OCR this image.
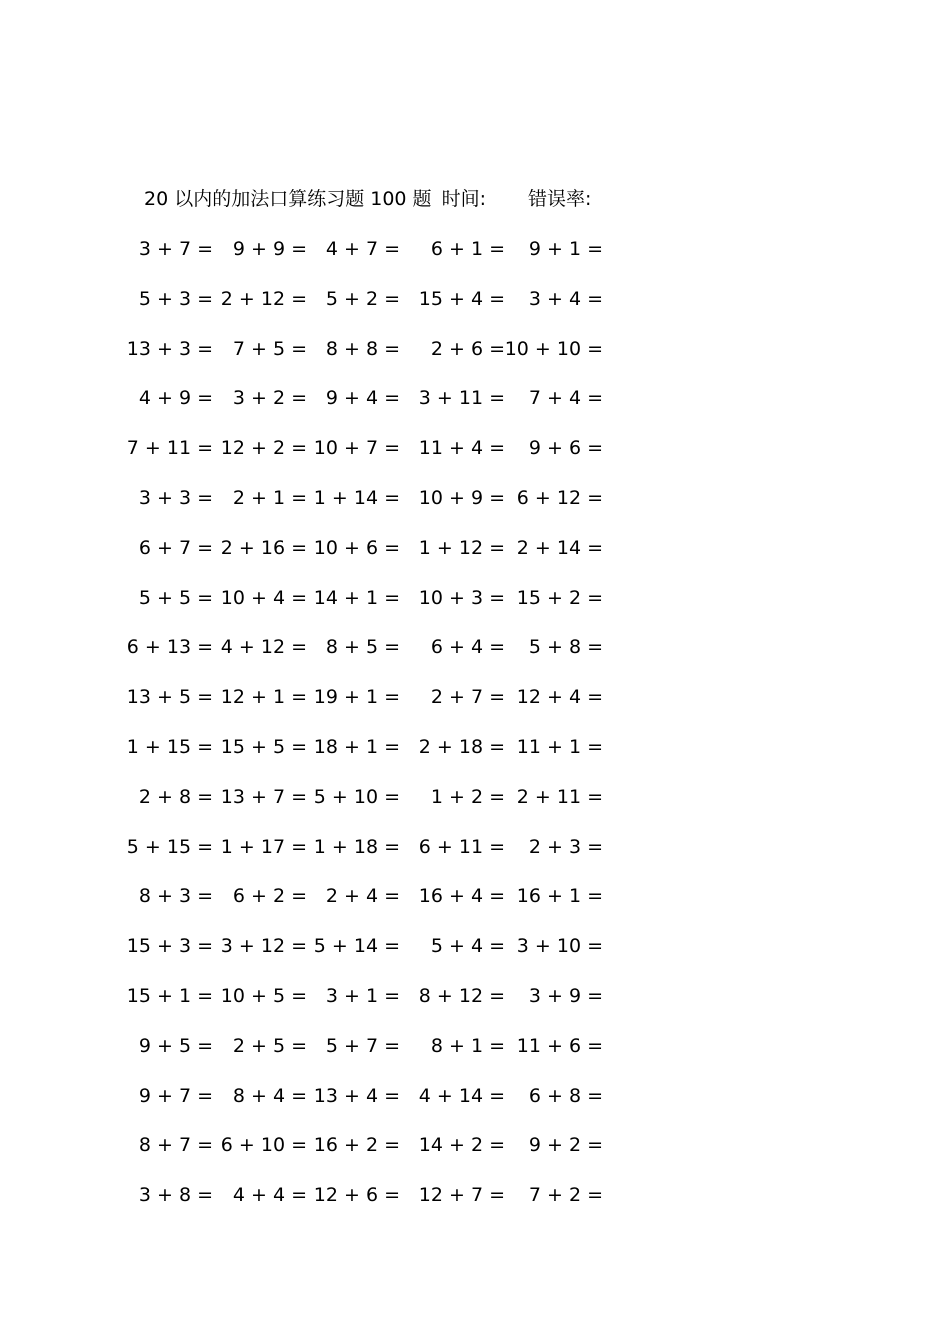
20 以内的加法口算练习题 100 题 时间: 错误率:
3 + 7 = 9 + 9 = 4 + 7 = 6 + 1 = 9 + 1 =
5 + 3 = 2 + 12 = 5 + 2 = 15 + 4 = 3 + 4 =
13 + 3 = 7 + 5 = 8 + 8 = 2 + 6 = 10 + 10 =
4 + 9 = 3 + 2 = 9 + 4 = 3 + 11 = 7 + 4 =
7 + 11 = 12 + 2 = 10 + 7 = 11 + 4 = 9 + 6 =
3 + 3 = 2 + 1 = 1 + 14 = 10 + 9 = 6 + 12 =
6 + 7 = 2 + 16 = 10 + 6 = 1 + 12 = 2 + 14 =
5 + 5 = 10 + 4 = 14 + 1 = 10 + 3 = 15 + 2 =
6 + 13 = 4 + 12 = 8 + 5 = 6 + 4 = 5 + 8 =
13 + 5 = 12 + 1 = 19 + 1 = 2 + 7 = 12 + 4 =
1 + 15 = 15 + 5 = 18 + 1 = 2 + 18 = 11 + 1 =
2 + 8 = 13 + 7 = 5 + 10 = 1 + 2 = 2 + 11 =
5 + 15 = 1 + 17 = 1 + 18 = 6 + 11 = 2 + 3 =
8 + 3 = 6 + 2 = 2 + 4 = 16 + 4 = 16 + 1 =
15 + 3 = 3 + 12 = 5 + 14 = 5 + 4 = 3 + 10 =
15 + 1 = 10 + 5 = 3 + 1 = 8 + 12 = 3 + 9 =
9 + 5 = 2 + 5 = 5 + 7 = 8 + 1 = 11 + 6 =
9 + 7 = 8 + 4 = 13 + 4 = 4 + 14 = 6 + 8 =
8 + 7 = 6 + 10 = 16 + 2 = 14 + 2 = 9 + 2 =
3 + 8 = 4 + 4 = 12 + 6 = 12 + 7 = 7 + 2 =
